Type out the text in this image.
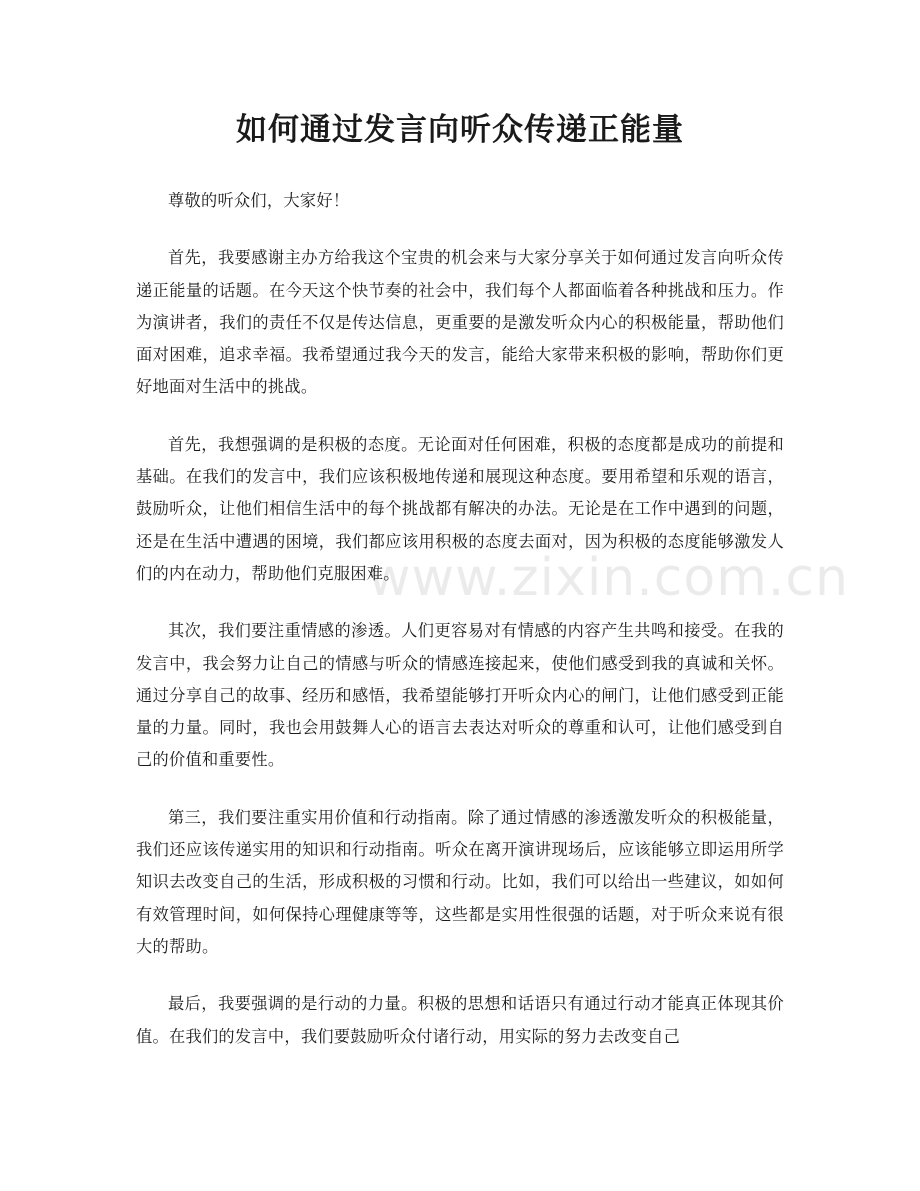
如何通过发言向听众传递正能量

尊敬的听众们，大家好！

首先，我要感谢主办方给我这个宝贵的机会来与大家分享关于如何通过发言向听众传递正能量的话题。在今天这个快节奏的社会中，我们每个人都面临着各种挑战和压力。作为演讲者，我们的责任不仅是传达信息，更重要的是激发听众内心的积极能量，帮助他们面对困难，追求幸福。我希望通过我今天的发言，能给大家带来积极的影响，帮助你们更好地面对生活中的挑战。

首先，我想强调的是积极的态度。无论面对任何困难，积极的态度都是成功的前提和基础。在我们的发言中，我们应该积极地传递和展现这种态度。要用希望和乐观的语言，鼓励听众，让他们相信生活中的每个挑战都有解决的办法。无论是在工作中遇到的问题，还是在生活中遭遇的困境，我们都应该用积极的态度去面对，因为积极的态度能够激发人们的内在动力，帮助他们克服困难。

其次，我们要注重情感的渗透。人们更容易对有情感的内容产生共鸣和接受。在我的发言中，我会努力让自己的情感与听众的情感连接起来，使他们感受到我的真诚和关怀。通过分享自己的故事、经历和感悟，我希望能够打开听众内心的闸门，让他们感受到正能量的力量。同时，我也会用鼓舞人心的语言去表达对听众的尊重和认可，让他们感受到自己的价值和重要性。

第三，我们要注重实用价值和行动指南。除了通过情感的渗透激发听众的积极能量，我们还应该传递实用的知识和行动指南。听众在离开演讲现场后，应该能够立即运用所学知识去改变自己的生活，形成积极的习惯和行动。比如，我们可以给出一些建议，如如何有效管理时间，如何保持心理健康等等，这些都是实用性很强的话题，对于听众来说有很大的帮助。

最后，我要强调的是行动的力量。积极的思想和话语只有通过行动才能真正体现其价值。在我们的发言中，我们要鼓励听众付诸行动，用实际的努力去改变自己

www.zixin.com.cn
